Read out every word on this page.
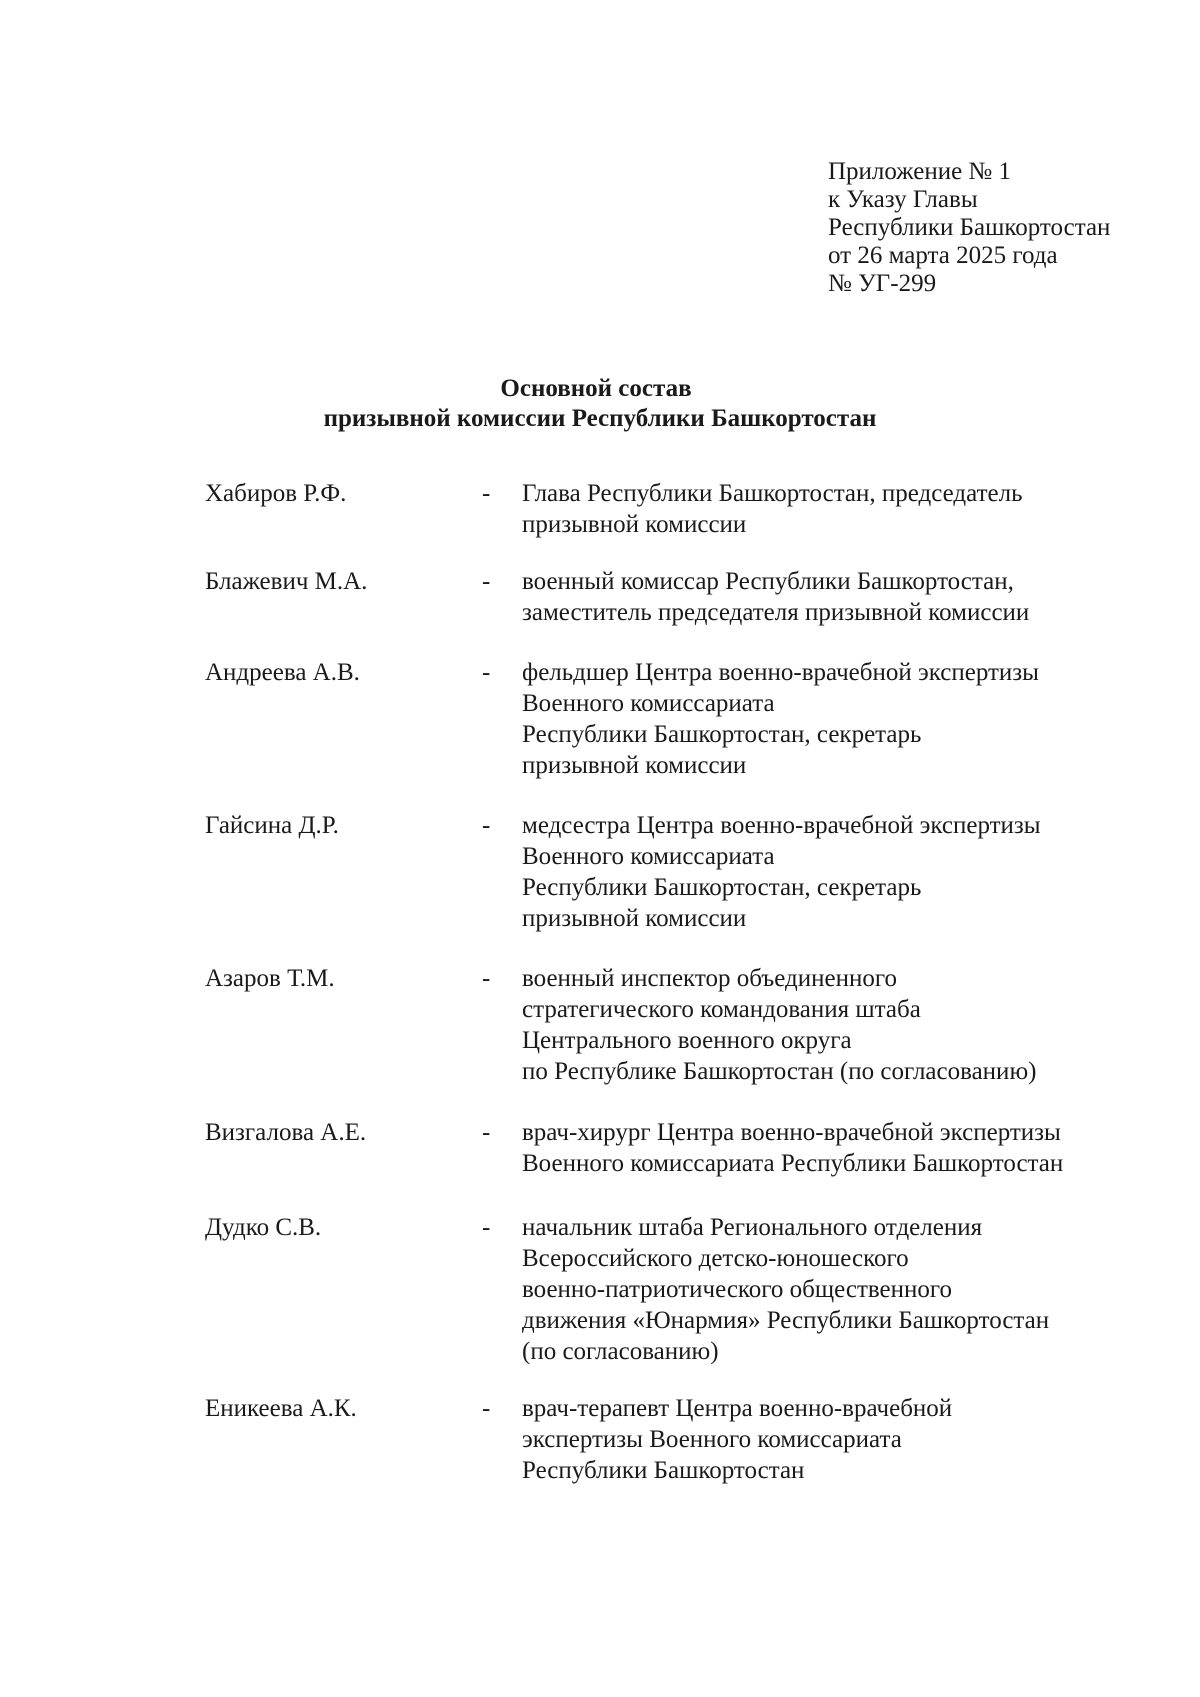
Приложение № 1
к Указу Главы
Республики Башкортостан
от 26 марта 2025 года
№ УГ-299
Основной состав
призывной комиссии Республики Башкортостан
Хабиров Р.Ф.	- Глава Республики Башкортостан, председатель
призывной комиссии
Блажевич М.А.	- военный комиссар Республики Башкортостан,
заместитель председателя призывной комиссии
Андреева А.В.	- фельдшер Центра военно-врачебной экспертизы
Военного комиссариата
Республики Башкортостан, секретарь
призывной комиссии
Гайсина Д.Р.	- медсестра Центра военно-врачебной экспертизы
Военного комиссариата
Республики Башкортостан, секретарь
призывной комиссии
Азаров Т.М.	- военный инспектор объединенного
стратегического командования штаба
Центрального военного округа
по Республике Башкортостан (по согласованию)
Визгалова А.Е.	- врач-хирург Центра военно-врачебной экспертизы
Военного комиссариата Республики Башкортостан
Дудко С.В.	- начальник штаба Регионального отделения
Всероссийского детско-юношеского
военно-патриотического общественного
движения «Юнармия» Республики Башкортостан
(по согласованию)
Еникеева А.К.	- врач-терапевт Центра военно-врачебной
экспертизы Военного комиссариата
Республики Башкортостан
